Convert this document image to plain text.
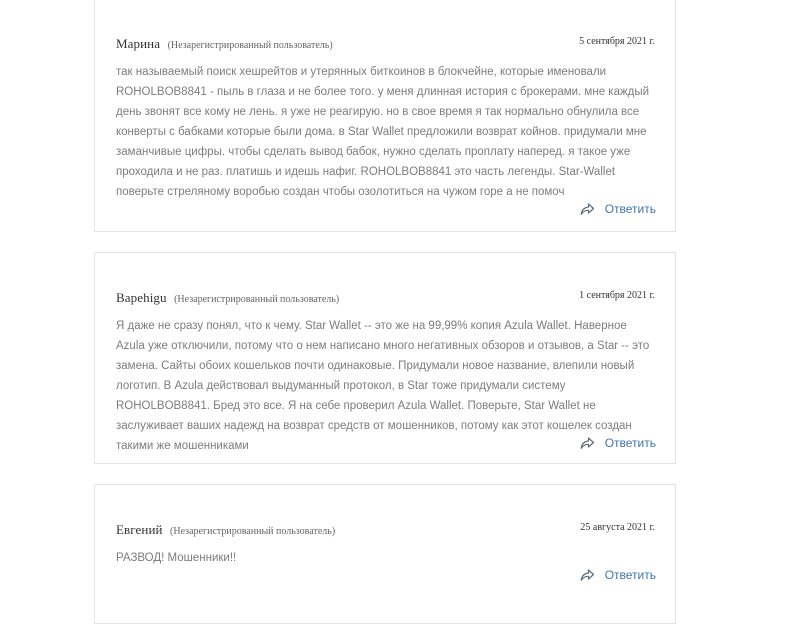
Марина (Незарегистрированный пользователь)	5 сентября 2021 г.

так называемый поиск хешрейтов и утерянных биткоинов в блокчейне, которые именовали ROHOLBOB8841 - пыль в глаза и не более того. у меня длинная история с брокерами. мне каждый день звонят все кому не лень. я уже не реагирую. но в свое время я так нормально обнулила все конверты с бабками которые были дома. в Star Wallet предложили возврат койнов. придумали мне заманчивые цифры. чтобы сделать вывод бабок, нужно сделать проплату наперед. я такое уже проходила и не раз. платишь и идешь нафиг. ROHOLBOB8841 это часть легенды. Star-Wallet поверьте стреляному воробью создан чтобы озолотиться на чужом горе а не помоч

Ответить
Bapehigu (Незарегистрированный пользователь)	1 сентября 2021 г.

Я даже не сразу понял, что к чему. Star Wallet -- это же на 99,99% копия Azula Wallet. Наверное Azula уже отключили, потому что о нем написано много негативных обзоров и отзывов, а Star -- это замена. Сайты обоих кошельков почти одинаковые. Придумали новое название, влепили новый логотип. В Azula действовал выдуманный протокол, в Star тоже придумали систему ROHOLBOB8841. Бред это все. Я на себе проверил Azula Wallet. Поверьте, Star Wallet не заслуживает ваших надежд на возврат средств от мошенников, потому как этот кошелек создан такими же мошенниками	Ответить
Евгений (Незарегистрированный пользователь)	25 августа 2021 г.

РАЗВОД! Мошенники!!

Ответить
